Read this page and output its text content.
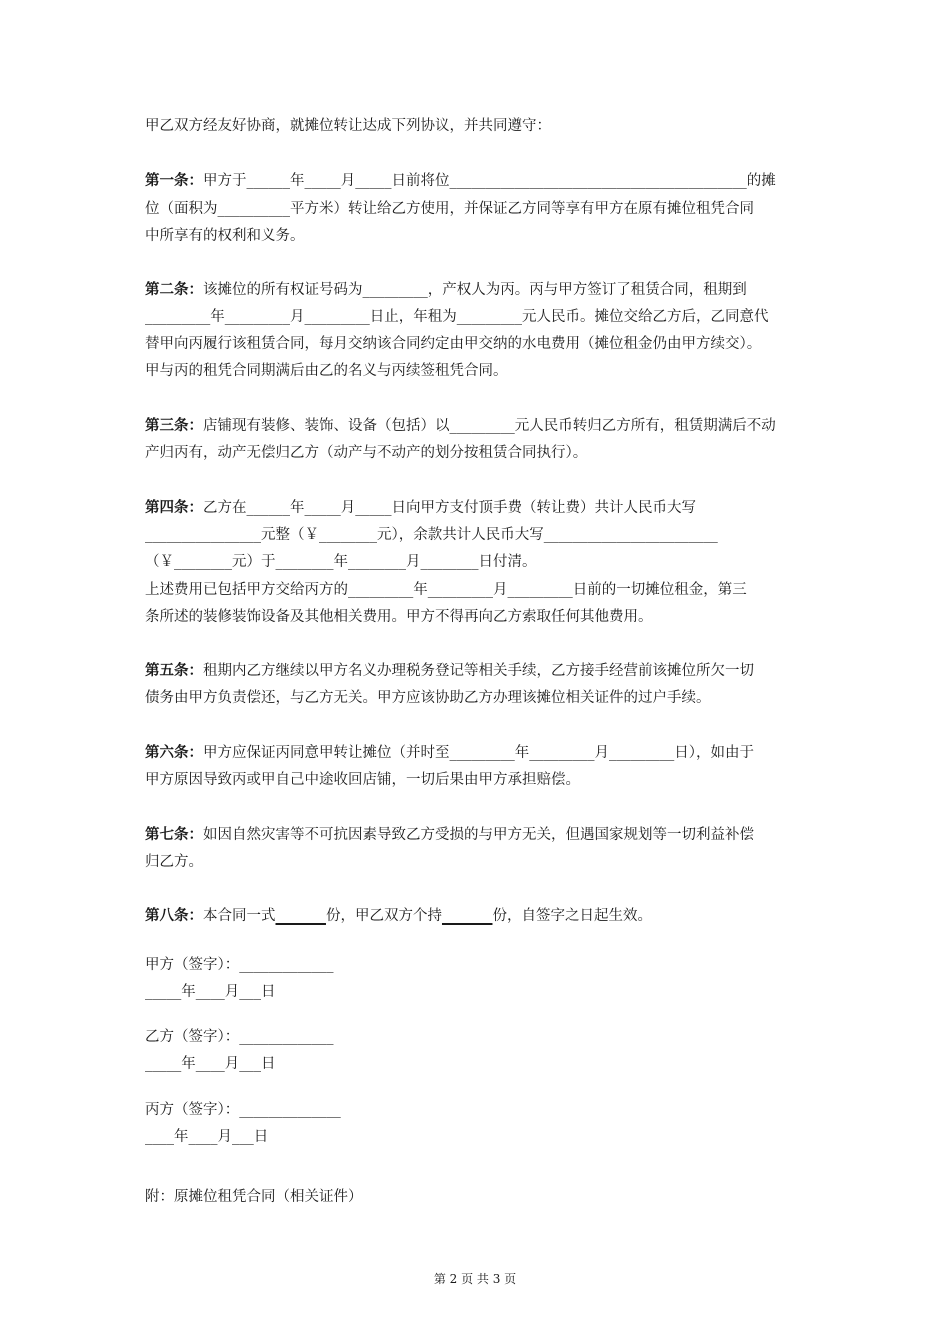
甲乙双方经友好协商，就摊位转让达成下列协议，并共同遵守：
第一条：甲方于______年_____月_____日前将位_________________________________________的摊
位（面积为__________平方米）转让给乙方使用，并保证乙方同等享有甲方在原有摊位租凭合同
中所享有的权利和义务。
第二条：该摊位的所有权证号码为_________，产权人为丙。丙与甲方签订了租赁合同，租期到
_________年_________月_________日止，年租为_________元人民币。摊位交给乙方后，乙同意代
替甲向丙履行该租赁合同，每月交纳该合同约定由甲交纳的水电费用（摊位租金仍由甲方续交）。
甲与丙的租凭合同期满后由乙的名义与丙续签租凭合同。
第三条：店铺现有装修、装饰、设备（包括）以_________元人民币转归乙方所有，租赁期满后不动
产归丙有，动产无偿归乙方（动产与不动产的划分按租赁合同执行）。
第四条：乙方在______年_____月_____日向甲方支付顶手费（转让费）共计人民币大写
________________元整（￥________元），余款共计人民币大写________________________
（￥________元）于________年________月________日付清。
上述费用已包括甲方交给丙方的_________年_________月_________日前的一切摊位租金，第三
条所述的装修装饰设备及其他相关费用。甲方不得再向乙方索取任何其他费用。
第五条：租期内乙方继续以甲方名义办理税务登记等相关手续，乙方接手经营前该摊位所欠一切
债务由甲方负责偿还，与乙方无关。甲方应该协助乙方办理该摊位相关证件的过户手续。
第六条：甲方应保证丙同意甲转让摊位（并时至_________年_________月_________日），如由于
甲方原因导致丙或甲自己中途收回店铺，一切后果由甲方承担赔偿。
第七条：如因自然灾害等不可抗因素导致乙方受损的与甲方无关，但遇国家规划等一切利益补偿
归乙方。
第八条：本合同一式	份，甲乙双方个持	份，自签字之日起生效。
甲方（签字）：_____________
_____年____月___日
乙方（签字）：_____________
_____年____月___日
丙方（签字）：______________
____年____月___日
附：原摊位租凭合同（相关证件）
第 2 页 共 3 页
